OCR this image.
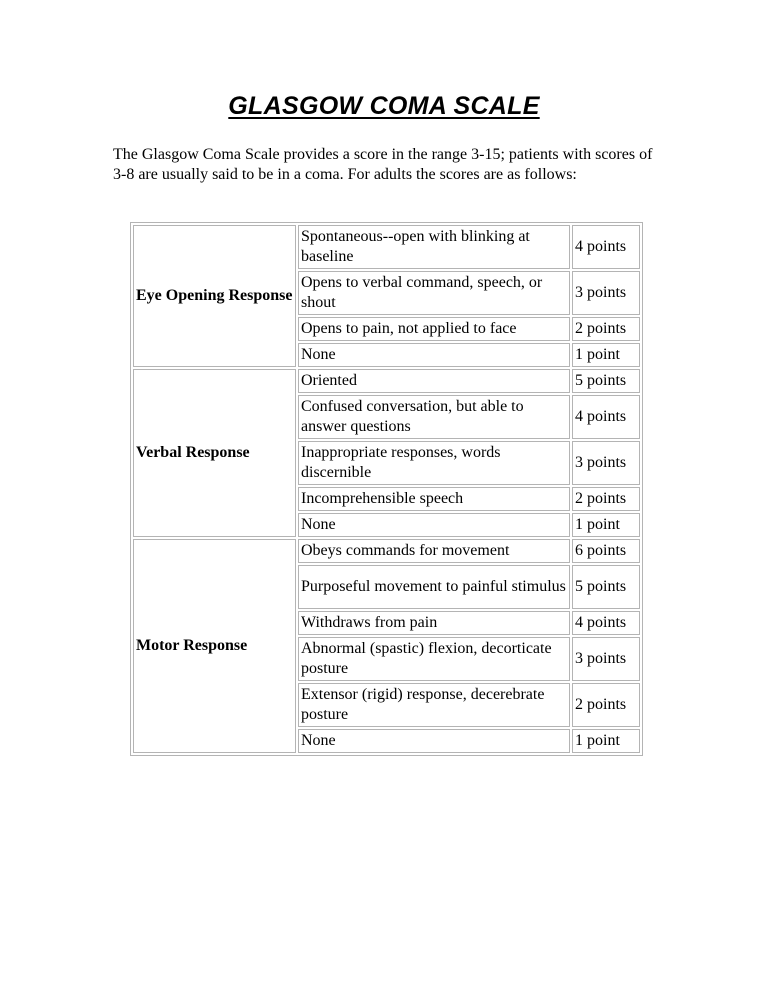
GLASGOW COMA SCALE

The Glasgow Coma Scale provides a score in the range 3-15; patients with scores of 3-8 are usually said to be in a coma. For adults the scores are as follows:

Eye Opening Response	Spontaneous--open with blinking at baseline	4 points
	Opens to verbal command, speech, or shout	3 points
	Opens to pain, not applied to face	2 points
	None	1 point
Verbal Response	Oriented	5 points
	Confused conversation, but able to answer questions	4 points
	Inappropriate responses, words discernible	3 points
	Incomprehensible speech	2 points
	None	1 point
Motor Response	Obeys commands for movement	6 points
	Purposeful movement to painful stimulus	5 points
	Withdraws from pain	4 points
	Abnormal (spastic) flexion, decorticate posture	3 points
	Extensor (rigid) response, decerebrate posture	2 points
	None	1 point
